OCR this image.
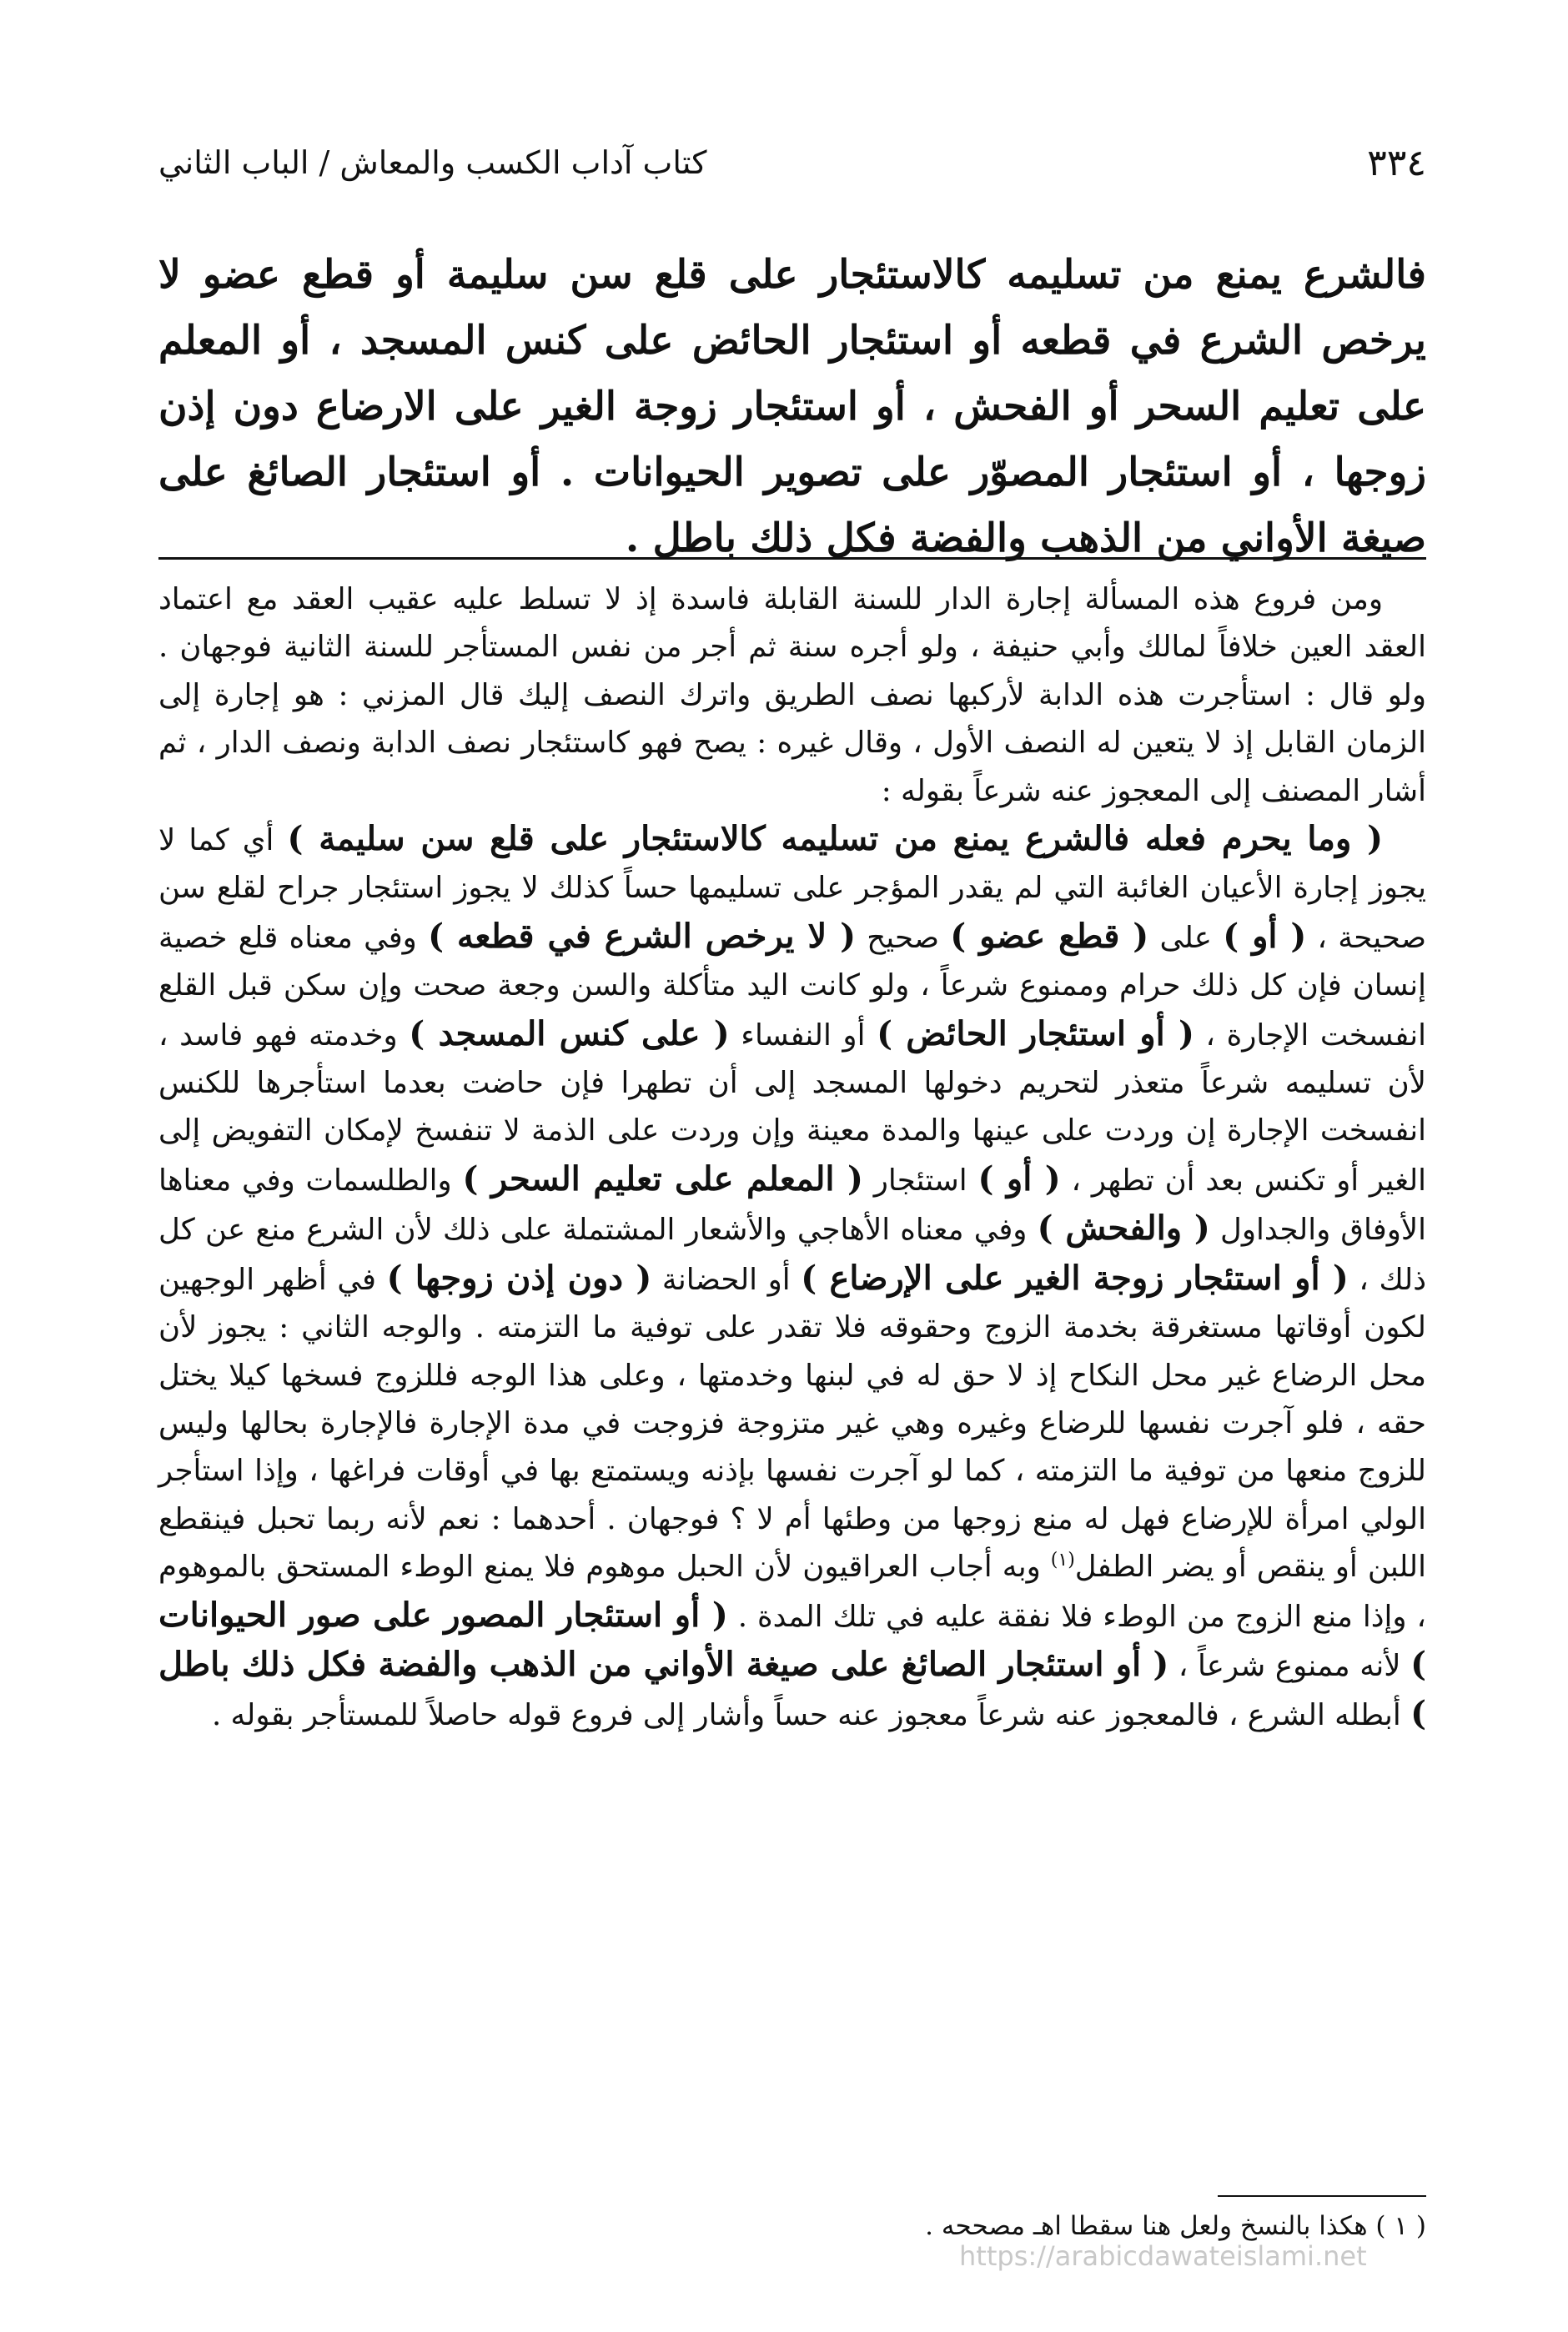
٣٣٤
كتاب آداب الكسب والمعاش / الباب الثاني

فالشرع يمنع من تسليمه كالاستئجار على قلع سن سليمة أو قطع عضو لا يرخص الشرع في قطعه أو استئجار الحائض على كنس المسجد ، أو المعلم على تعليم السحر أو الفحش ، أو استئجار زوجة الغير على الارضاع دون إذن زوجها ، أو استئجار المصوّر على تصوير الحيوانات . أو استئجار الصائغ على صيغة الأواني من الذهب والفضة فكل ذلك باطل .

ومن فروع هذه المسألة إجارة الدار للسنة القابلة فاسدة إذ لا تسلط عليه عقيب العقد مع اعتماد العقد العين خلافاً لمالك وأبي حنيفة ، ولو أجره سنة ثم أجر من نفس المستأجر للسنة الثانية فوجهان . ولو قال : استأجرت هذه الدابة لأركبها نصف الطريق واترك النصف إليك قال المزني : هو إجارة إلى الزمان القابل إذ لا يتعين له النصف الأول ، وقال غيره : يصح فهو كاستئجار نصف الدابة ونصف الدار ، ثم أشار المصنف إلى المعجوز عنه شرعاً بقوله :

( وما يحرم فعله فالشرع يمنع من تسليمه كالاستئجار على قلع سن سليمة ) أي كما لا يجوز إجارة الأعيان الغائبة التي لم يقدر المؤجر على تسليمها حساً كذلك لا يجوز استئجار جراح لقلع سن صحيحة ، ( أو ) على ( قطع عضو ) صحيح ( لا يرخص الشرع في قطعه ) وفي معناه قلع خصية إنسان فإن كل ذلك حرام وممنوع شرعاً ، ولو كانت اليد متأكلة والسن وجعة صحت وإن سكن قبل القلع انفسخت الإجارة ، ( أو استئجار الحائض ) أو النفساء ( على كنس المسجد ) وخدمته فهو فاسد ، لأن تسليمه شرعاً متعذر لتحريم دخولها المسجد إلى أن تطهرا فإن حاضت بعدما استأجرها للكنس انفسخت الإجارة إن وردت على عينها والمدة معينة وإن وردت على الذمة لا تنفسخ لإمكان التفويض إلى الغير أو تكنس بعد أن تطهر ، ( أو ) استئجار ( المعلم على تعليم السحر ) والطلسمات وفي معناها الأوفاق والجداول ( والفحش ) وفي معناه الأهاجي والأشعار المشتملة على ذلك لأن الشرع منع عن كل ذلك ، ( أو استئجار زوجة الغير على الإرضاع ) أو الحضانة ( دون إذن زوجها ) في أظهر الوجهين لكون أوقاتها مستغرقة بخدمة الزوج وحقوقه فلا تقدر على توفية ما التزمته . والوجه الثاني : يجوز لأن محل الرضاع غير محل النكاح إذ لا حق له في لبنها وخدمتها ، وعلى هذا الوجه فللزوج فسخها كيلا يختل حقه ، فلو آجرت نفسها للرضاع وغيره وهي غير متزوجة فزوجت في مدة الإجارة فالإجارة بحالها وليس للزوج منعها من توفية ما التزمته ، كما لو آجرت نفسها بإذنه ويستمتع بها في أوقات فراغها ، وإذا استأجر الولي امرأة للإرضاع فهل له منع زوجها من وطئها أم لا ؟ فوجهان . أحدهما : نعم لأنه ربما تحبل فينقطع اللبن أو ينقص أو يضر الطفل$^{(١)}$ وبه أجاب العراقيون لأن الحبل موهوم فلا يمنع الوطء المستحق بالموهوم ، وإذا منع الزوج من الوطء فلا نفقة عليه في تلك المدة . ( أو استئجار المصور على صور الحيوانات ) لأنه ممنوع شرعاً ، ( أو استئجار الصائغ على صيغة الأواني من الذهب والفضة فكل ذلك باطل ) أبطله الشرع ، فالمعجوز عنه شرعاً معجوز عنه حساً وأشار إلى فروع قوله حاصلاً للمستأجر بقوله .

( ١ ) هكذا بالنسخ ولعل هنا سقطا اهـ مصححه .
https://arabicdawateislami.net
